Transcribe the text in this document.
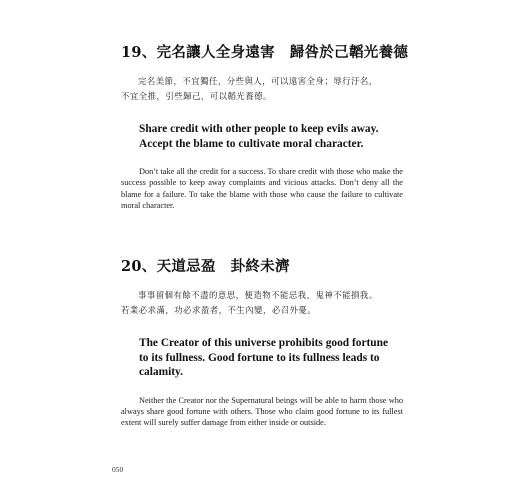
19、完名讓人全身遠害　歸咎於己韜光養德

完名美節，不宜獨任，分些與人，可以遠害全身；辱行汙名，不宜全推，引些歸己，可以韜光養德。

Share credit with other people to keep evils away.
Accept the blame to cultivate moral character.

Don’t take all the credit for a success. To share credit with those who make the success possible to keep away complaints and vicious attacks. Don’t deny all the blame for a failure. To take the blame with those who cause the failure to cultivate moral character.

20、天道忌盈　卦終未濟

事事留個有餘不盡的意思，便造物不能忌我，鬼神不能損我。若業必求滿，功必求盈者，不生內變，必召外憂。

The Creator of this universe prohibits good fortune
to its fullness. Good fortune to its fullness leads to
calamity.

Neither the Creator nor the Supernatural beings will be able to harm those who always share good fortune with others. Those who claim good fortune to its fullest extent will surely suffer damage from either inside or outside.

050
